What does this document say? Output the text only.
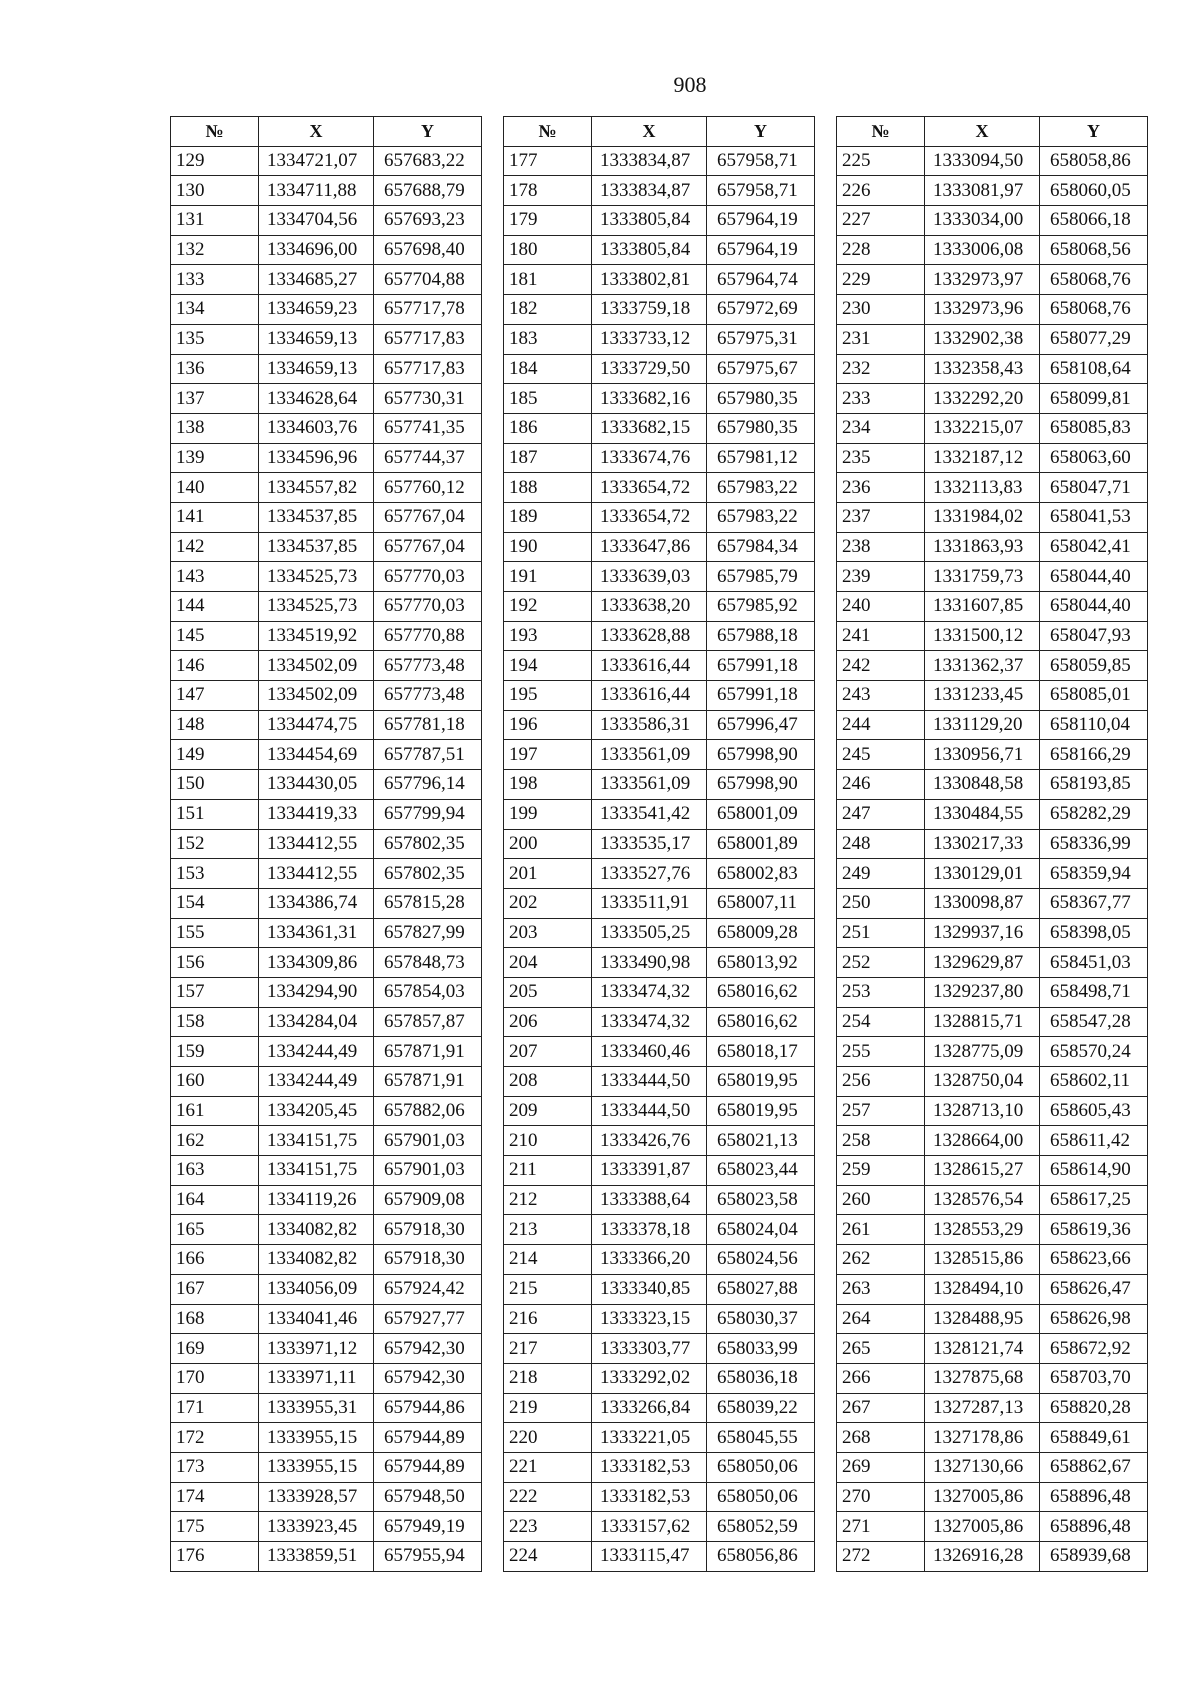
908
№	X	Y
129	1334721,07	657683,22
130	1334711,88	657688,79
131	1334704,56	657693,23
132	1334696,00	657698,40
133	1334685,27	657704,88
134	1334659,23	657717,78
135	1334659,13	657717,83
136	1334659,13	657717,83
137	1334628,64	657730,31
138	1334603,76	657741,35
139	1334596,96	657744,37
140	1334557,82	657760,12
141	1334537,85	657767,04
142	1334537,85	657767,04
143	1334525,73	657770,03
144	1334525,73	657770,03
145	1334519,92	657770,88
146	1334502,09	657773,48
147	1334502,09	657773,48
148	1334474,75	657781,18
149	1334454,69	657787,51
150	1334430,05	657796,14
151	1334419,33	657799,94
152	1334412,55	657802,35
153	1334412,55	657802,35
154	1334386,74	657815,28
155	1334361,31	657827,99
156	1334309,86	657848,73
157	1334294,90	657854,03
158	1334284,04	657857,87
159	1334244,49	657871,91
160	1334244,49	657871,91
161	1334205,45	657882,06
162	1334151,75	657901,03
163	1334151,75	657901,03
164	1334119,26	657909,08
165	1334082,82	657918,30
166	1334082,82	657918,30
167	1334056,09	657924,42
168	1334041,46	657927,77
169	1333971,12	657942,30
170	1333971,11	657942,30
171	1333955,31	657944,86
172	1333955,15	657944,89
173	1333955,15	657944,89
174	1333928,57	657948,50
175	1333923,45	657949,19
176	1333859,51	657955,94
№	X	Y
177	1333834,87	657958,71
178	1333834,87	657958,71
179	1333805,84	657964,19
180	1333805,84	657964,19
181	1333802,81	657964,74
182	1333759,18	657972,69
183	1333733,12	657975,31
184	1333729,50	657975,67
185	1333682,16	657980,35
186	1333682,15	657980,35
187	1333674,76	657981,12
188	1333654,72	657983,22
189	1333654,72	657983,22
190	1333647,86	657984,34
191	1333639,03	657985,79
192	1333638,20	657985,92
193	1333628,88	657988,18
194	1333616,44	657991,18
195	1333616,44	657991,18
196	1333586,31	657996,47
197	1333561,09	657998,90
198	1333561,09	657998,90
199	1333541,42	658001,09
200	1333535,17	658001,89
201	1333527,76	658002,83
202	1333511,91	658007,11
203	1333505,25	658009,28
204	1333490,98	658013,92
205	1333474,32	658016,62
206	1333474,32	658016,62
207	1333460,46	658018,17
208	1333444,50	658019,95
209	1333444,50	658019,95
210	1333426,76	658021,13
211	1333391,87	658023,44
212	1333388,64	658023,58
213	1333378,18	658024,04
214	1333366,20	658024,56
215	1333340,85	658027,88
216	1333323,15	658030,37
217	1333303,77	658033,99
218	1333292,02	658036,18
219	1333266,84	658039,22
220	1333221,05	658045,55
221	1333182,53	658050,06
222	1333182,53	658050,06
223	1333157,62	658052,59
224	1333115,47	658056,86
№	X	Y
225	1333094,50	658058,86
226	1333081,97	658060,05
227	1333034,00	658066,18
228	1333006,08	658068,56
229	1332973,97	658068,76
230	1332973,96	658068,76
231	1332902,38	658077,29
232	1332358,43	658108,64
233	1332292,20	658099,81
234	1332215,07	658085,83
235	1332187,12	658063,60
236	1332113,83	658047,71
237	1331984,02	658041,53
238	1331863,93	658042,41
239	1331759,73	658044,40
240	1331607,85	658044,40
241	1331500,12	658047,93
242	1331362,37	658059,85
243	1331233,45	658085,01
244	1331129,20	658110,04
245	1330956,71	658166,29
246	1330848,58	658193,85
247	1330484,55	658282,29
248	1330217,33	658336,99
249	1330129,01	658359,94
250	1330098,87	658367,77
251	1329937,16	658398,05
252	1329629,87	658451,03
253	1329237,80	658498,71
254	1328815,71	658547,28
255	1328775,09	658570,24
256	1328750,04	658602,11
257	1328713,10	658605,43
258	1328664,00	658611,42
259	1328615,27	658614,90
260	1328576,54	658617,25
261	1328553,29	658619,36
262	1328515,86	658623,66
263	1328494,10	658626,47
264	1328488,95	658626,98
265	1328121,74	658672,92
266	1327875,68	658703,70
267	1327287,13	658820,28
268	1327178,86	658849,61
269	1327130,66	658862,67
270	1327005,86	658896,48
271	1327005,86	658896,48
272	1326916,28	658939,68
